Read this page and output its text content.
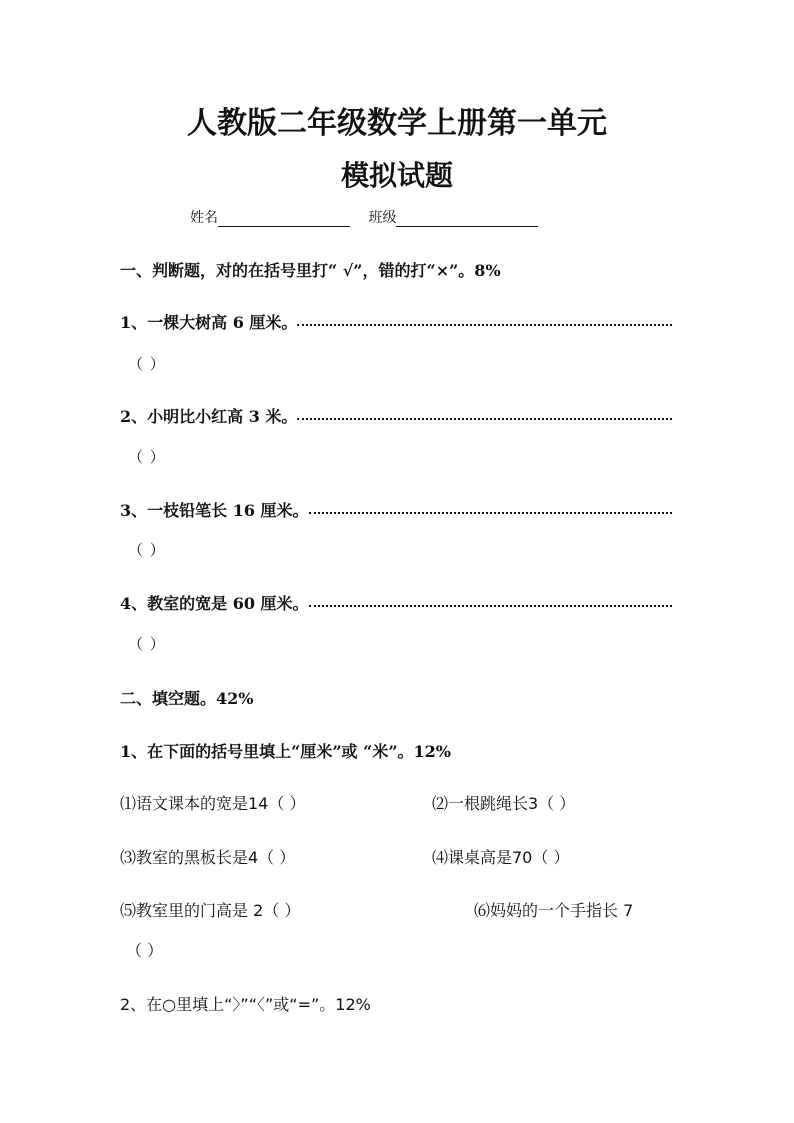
人教版二年级数学上册第一单元
模拟试题
姓名	班级
一、判断题，对的在括号里打“ √”，错的打“×”。8%
1、一棵大树高 6 厘米。
（ ）
2、小明比小红高 3 米。
（ ）
3、一枝铅笔长 16 厘米。
（ ）
4、教室的宽是 60 厘米。
（ ）
二、填空题。42%
1、在下面的括号里填上“厘米”或 “米”。12%
⑴语文课本的宽是14（ ）	⑵一根跳绳长3（ ）
⑶教室的黑板长是4（ ）	⑷课桌高是70（ ）
⑸教室里的门高是 2（ ）	⑹妈妈的一个手指长 7
（ ）
2、在○里填上“〉”“〈”或“=”。12%
